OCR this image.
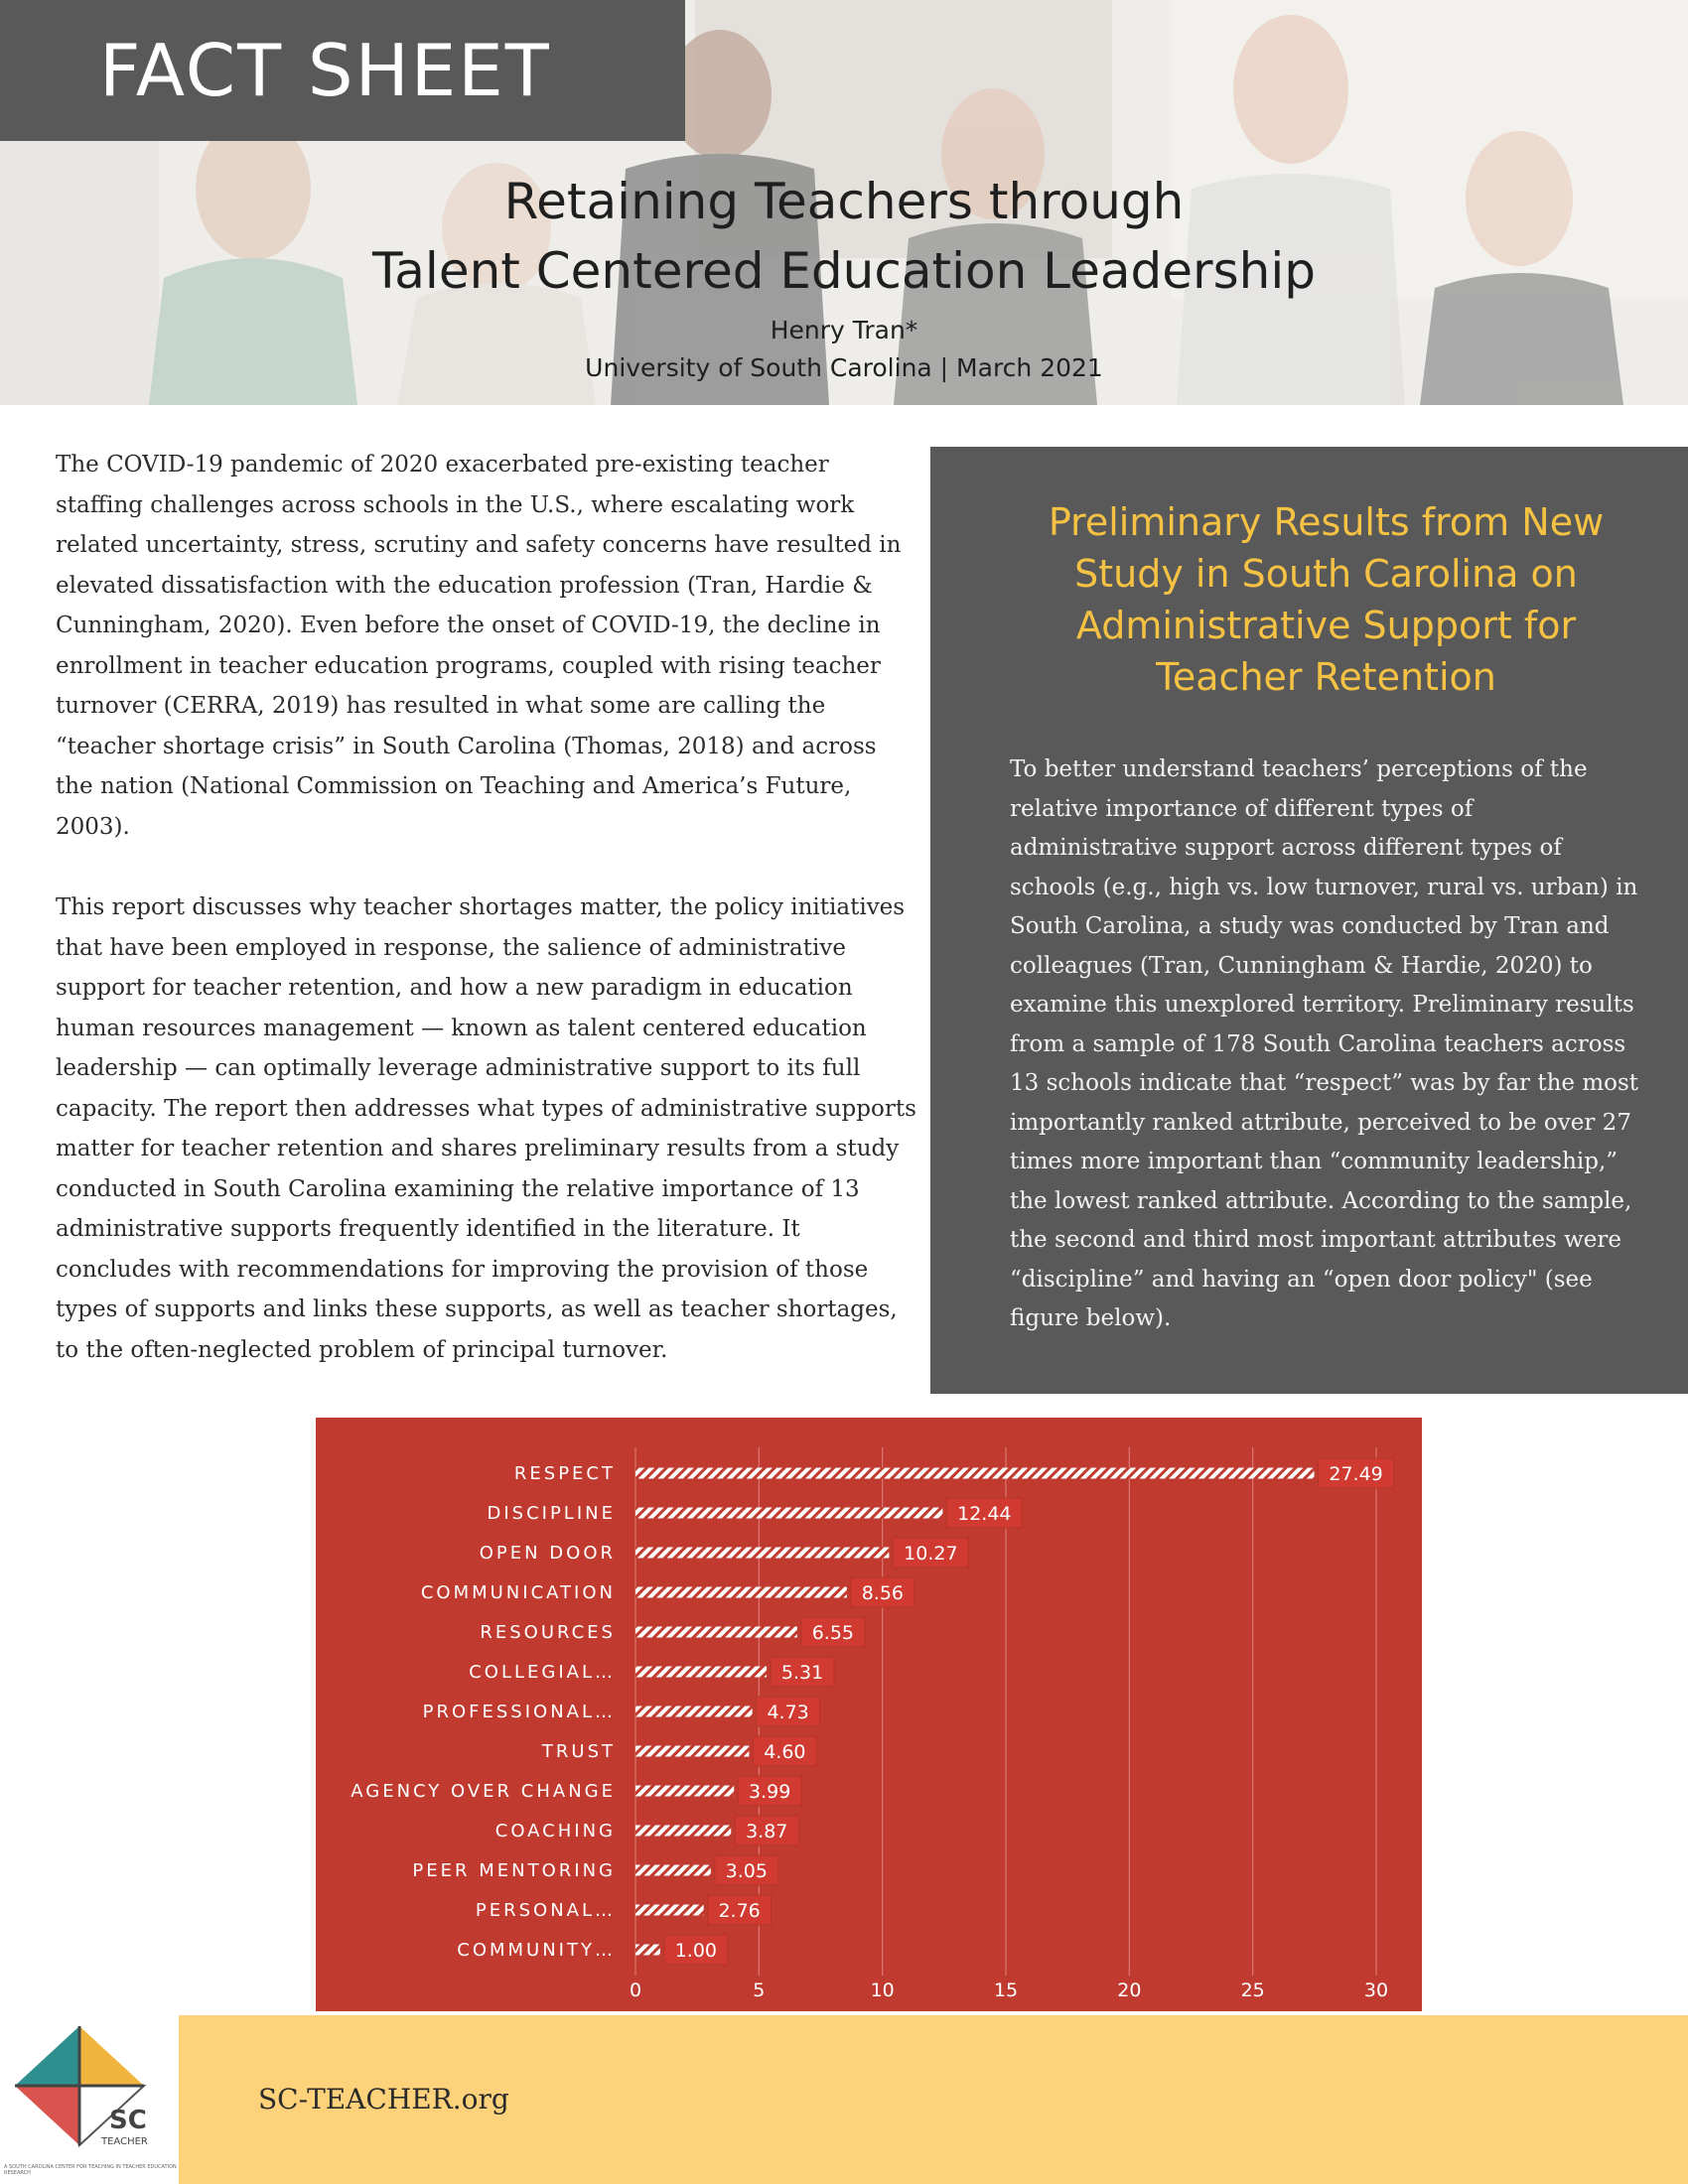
FACT SHEET
Retaining Teachers through
Talent Centered Education Leadership
Henry Tran*
University of South Carolina | March 2021

The COVID-19 pandemic of 2020 exacerbated pre-existing teacher staffing challenges across schools in the U.S., where escalating work related uncertainty, stress, scrutiny and safety concerns have resulted in elevated dissatisfaction with the education profession (Tran, Hardie & Cunningham, 2020). Even before the onset of COVID-19, the decline in enrollment in teacher education programs, coupled with rising teacher turnover (CERRA, 2019) has resulted in what some are calling the “teacher shortage crisis” in South Carolina (Thomas, 2018) and across the nation (National Commission on Teaching and America’s Future, 2003).

This report discusses why teacher shortages matter, the policy initiatives that have been employed in response, the salience of administrative support for teacher retention, and how a new paradigm in education human resources management — known as talent centered education leadership — can optimally leverage administrative support to its full capacity. The report then addresses what types of administrative supports matter for teacher retention and shares preliminary results from a study conducted in South Carolina examining the relative importance of 13 administrative supports frequently identified in the literature. It concludes with recommendations for improving the provision of those types of supports and links these supports, as well as teacher shortages, to the often-neglected problem of principal turnover.

Preliminary Results from New
Study in South Carolina on
Administrative Support for
Teacher Retention

To better understand teachers’ perceptions of the relative importance of different types of administrative support across different types of schools (e.g., high vs. low turnover, rural vs. urban) in South Carolina, a study was conducted by Tran and colleagues (Tran, Cunningham & Hardie, 2020) to examine this unexplored territory. Preliminary results from a sample of 178 South Carolina teachers across 13 schools indicate that “respect” was by far the most importantly ranked attribute, perceived to be over 27 times more important than “community leadership,” the lowest ranked attribute. According to the sample, the second and third most important attributes were “discipline” and having an “open door policy" (see figure below).

RESPECT
DISCIPLINE
OPEN DOOR
COMMUNICATION
RESOURCES
COLLEGIAL…
PROFESSIONAL…
TRUST
AGENCY OVER CHANGE
COACHING
PEER MENTORING
PERSONAL…
COMMUNITY…
27.49
12.44
10.27
8.56
6.55
5.31
4.73
4.60
3.99
3.87
3.05
2.76
1.00
0	5	10	15	20	25	30
SC
TEACHER
A SOUTH CAROLINA CENTER FOR TEACHING IN TEACHER EDUCATION RESEARCH
SC-TEACHER.org
